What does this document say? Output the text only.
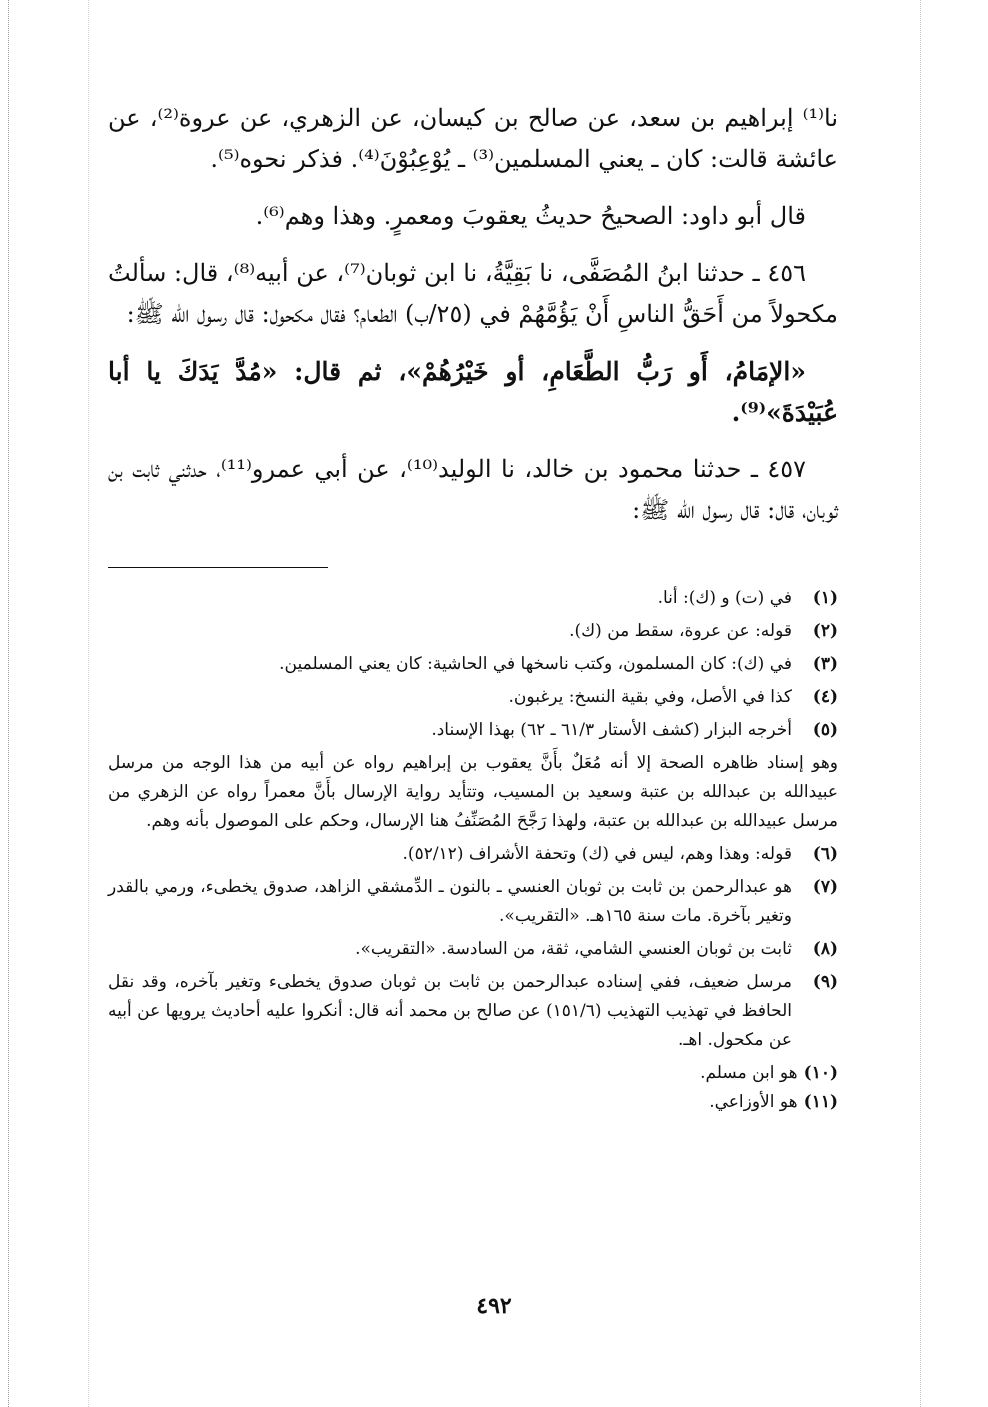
نا⁽¹⁾ إبراهيم بن سعد، عن صالح بن كيسان، عن الزهري، عن عروة⁽²⁾، عن عائشة قالت: كان ـ يعني المسلمين⁽³⁾ ـ يُوْعِبُوْنَ⁽⁴⁾. فذكر نحوه⁽⁵⁾.

قال أبو داود: الصحيحُ حديثُ يعقوبَ ومعمرٍ. وهذا وهم⁽⁶⁾.

٤٥٦ ـ حدثنا ابنُ المُصَفَّى، نا بَقِيَّةُ، نا ابن ثوبان⁽⁷⁾، عن أبيه⁽⁸⁾، قال: سألتُ مكحولاً من أَحَقُّ الناسِ أَنْ يَؤُمَّهُمْ في (٢٥/ب) الطعام؟ فقال مكحول: قال رسول الله ﷺ:

«الإمَامُ، أَو رَبُّ الطَّعَامِ، أو خَيْرُهُمْ»، ثم قال: «مُدَّ يَدَكَ يا أبا عُبَيْدَةَ»⁽⁹⁾.

٤٥٧ ـ حدثنا محمود بن خالد، نا الوليد⁽¹⁰⁾، عن أبي عمرو⁽¹¹⁾، حدثني ثابت بن ثوبان، قال: قال رسول الله ﷺ:

(١)
في (ت) و (ك): أنا.
(٢)
قوله: عن عروة، سقط من (ك).
(٣)
في (ك): كان المسلمون، وكتب ناسخها في الحاشية: كان يعني المسلمين.
(٤)
كذا في الأصل، وفي بقية النسخ: يرغبون.
(٥)
أخرجه البزار (كشف الأستار ٦١/٣ ـ ٦٢) بهذا الإسناد.
وهو إسناد ظاهره الصحة إلا أنه مُعَلٌ بأَنَّ يعقوب بن إبراهيم رواه عن أبيه من هذا الوجه من مرسل عبيدالله بن عبدالله بن عتبة وسعيد بن المسيب، وتتأيد رواية الإرسال بأَنَّ معمراً رواه عن الزهري من مرسل عبيدالله بن عبدالله بن عتبة، ولهذا رَجَّحَ المُصَنِّفُ هنا الإرسال، وحكم على الموصول بأنه وهم.
(٦)
قوله: وهذا وهم، ليس في (ك) وتحفة الأشراف (٥٢/١٢).
(٧)
هو عبدالرحمن بن ثابت بن ثوبان العنسي ـ بالنون ـ الدِّمشقي الزاهد، صدوق يخطىء، ورمي بالقدر وتغير بآخرة. مات سنة ١٦٥هـ. «التقريب».
(٨)
ثابت بن ثوبان العنسي الشامي، ثقة، من السادسة. «التقريب».
(٩)
مرسل ضعيف، ففي إسناده عبدالرحمن بن ثابت بن ثوبان صدوق يخطىء وتغير بآخره، وقد نقل الحافظ في تهذيب التهذيب (١٥١/٦) عن صالح بن محمد أنه قال: أنكروا عليه أحاديث يرويها عن أبيه عن مكحول. اهـ.
(١٠)هو ابن مسلم.
(١١)هو الأوزاعي.
٤٩٢
